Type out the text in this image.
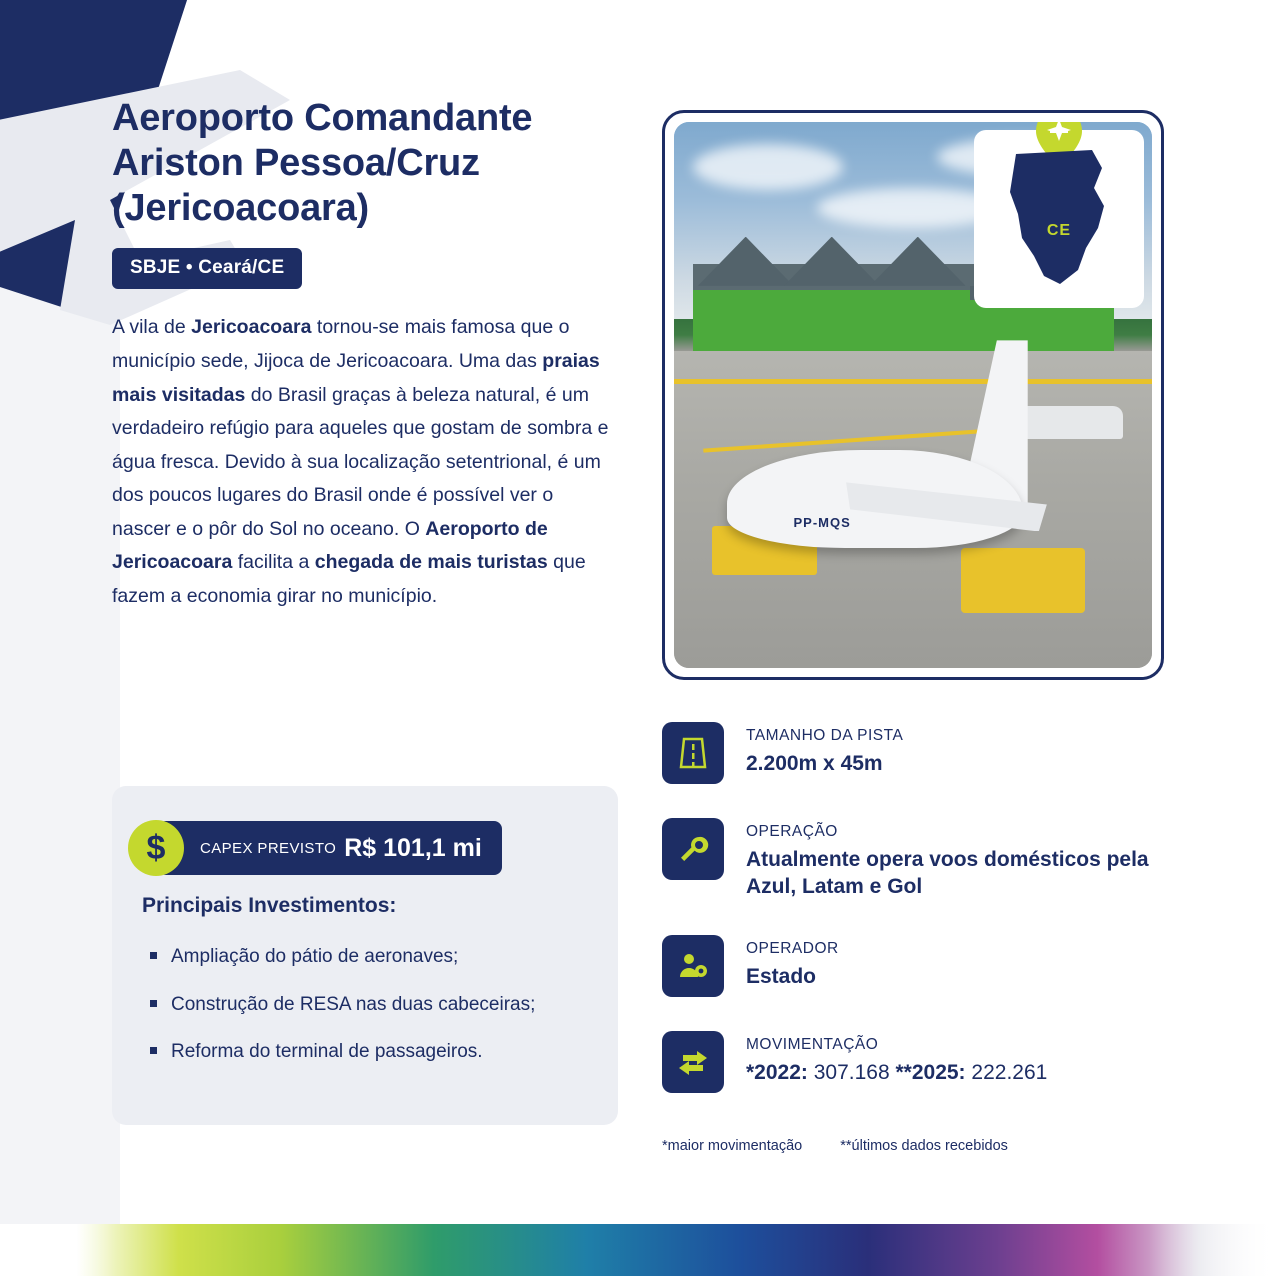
Aeroporto Comandante Ariston Pessoa/Cruz (Jericoacoara)
SBJE • Ceará/CE

A vila de Jericoacoara tornou-se mais famosa que o município sede, Jijoca de Jericoacoara. Uma das praias mais visitadas do Brasil graças à beleza natural, é um verdadeiro refúgio para aqueles que gostam de sombra e água fresca. Devido à sua localização setentrional, é um dos poucos lugares do Brasil onde é possível ver o nascer e o pôr do Sol no oceano. O Aeroporto de Jericoacoara facilita a chegada de mais turistas que fazem a economia girar no município.

Principais Investimentos:
Ampliação do pátio de aeronaves;
Construção de RESA nas duas cabeceiras;
Reforma do terminal de passageiros.
$	CAPEX PREVISTO R$ 101,1 mi
PP-MQS
CE
TAMANHO DA PISTA
2.200m x 45m
OPERAÇÃO
Atualmente opera voos domésticos pela Azul, Latam e Gol
OPERADOR
Estado
MOVIMENTAÇÃO
*2022: 307.168 **2025: 222.261
*maior movimentação	**últimos dados recebidos
